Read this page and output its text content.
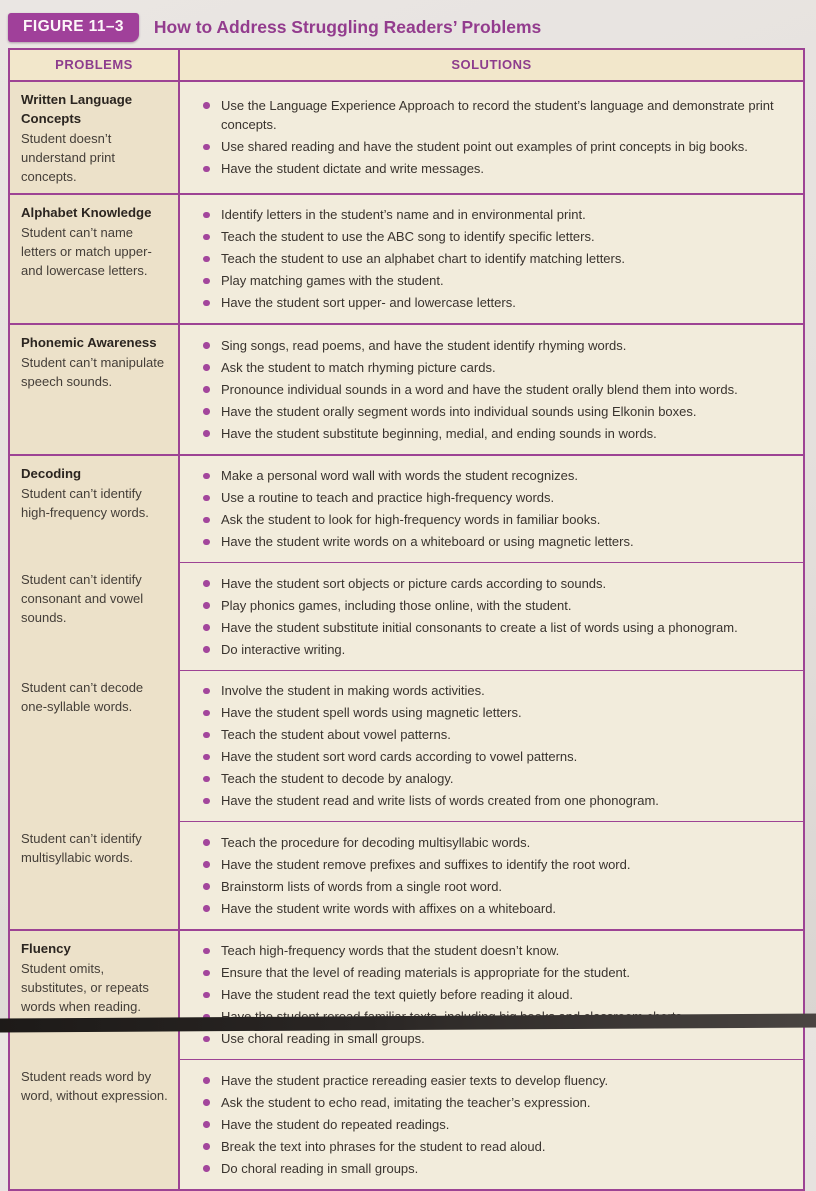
FIGURE 11–3	How to Address Struggling Readers’ Problems
PROBLEMS	SOLUTIONS
Written Language Concepts
Student doesn’t understand print concepts.
Use the Language Experience Approach to record the student’s language and demonstrate print concepts.
Use shared reading and have the student point out examples of print concepts in big books.
Have the student dictate and write messages.
Alphabet Knowledge
Student can’t name letters or match upper- and lowercase letters.
Identify letters in the student’s name and in environmental print.
Teach the student to use the ABC song to identify specific letters.
Teach the student to use an alphabet chart to identify matching letters.
Play matching games with the student.
Have the student sort upper- and lowercase letters.
Phonemic Awareness
Student can’t manipulate speech sounds.
Sing songs, read poems, and have the student identify rhyming words.
Ask the student to match rhyming picture cards.
Pronounce individual sounds in a word and have the student orally blend them into words.
Have the student orally segment words into individual sounds using Elkonin boxes.
Have the student substitute beginning, medial, and ending sounds in words.
Decoding
Student can’t identify high-frequency words.
Make a personal word wall with words the student recognizes.
Use a routine to teach and practice high-frequency words.
Ask the student to look for high-frequency words in familiar books.
Have the student write words on a whiteboard or using magnetic letters.
Student can’t identify consonant and vowel sounds.
Have the student sort objects or picture cards according to sounds.
Play phonics games, including those online, with the student.
Have the student substitute initial consonants to create a list of words using a phonogram.
Do interactive writing.
Student can’t decode one-syllable words.
Involve the student in making words activities.
Have the student spell words using magnetic letters.
Teach the student about vowel patterns.
Have the student sort word cards according to vowel patterns.
Teach the student to decode by analogy.
Have the student read and write lists of words created from one phonogram.
Student can’t identify multisyllabic words.
Teach the procedure for decoding multisyllabic words.
Have the student remove prefixes and suffixes to identify the root word.
Brainstorm lists of words from a single root word.
Have the student write words with affixes on a whiteboard.
Fluency
Student omits, substitutes, or repeats words when reading.
Teach high-frequency words that the student doesn’t know.
Ensure that the level of reading materials is appropriate for the student.
Have the student read the text quietly before reading it aloud.
Use choral reading in small groups.
Student reads word by word, without expression.
Have the student practice rereading easier texts to develop fluency.
Ask the student to echo read, imitating the teacher’s expression.
Have the student do repeated readings.
Break the text into phrases for the student to read aloud.
Do choral reading in small groups.
